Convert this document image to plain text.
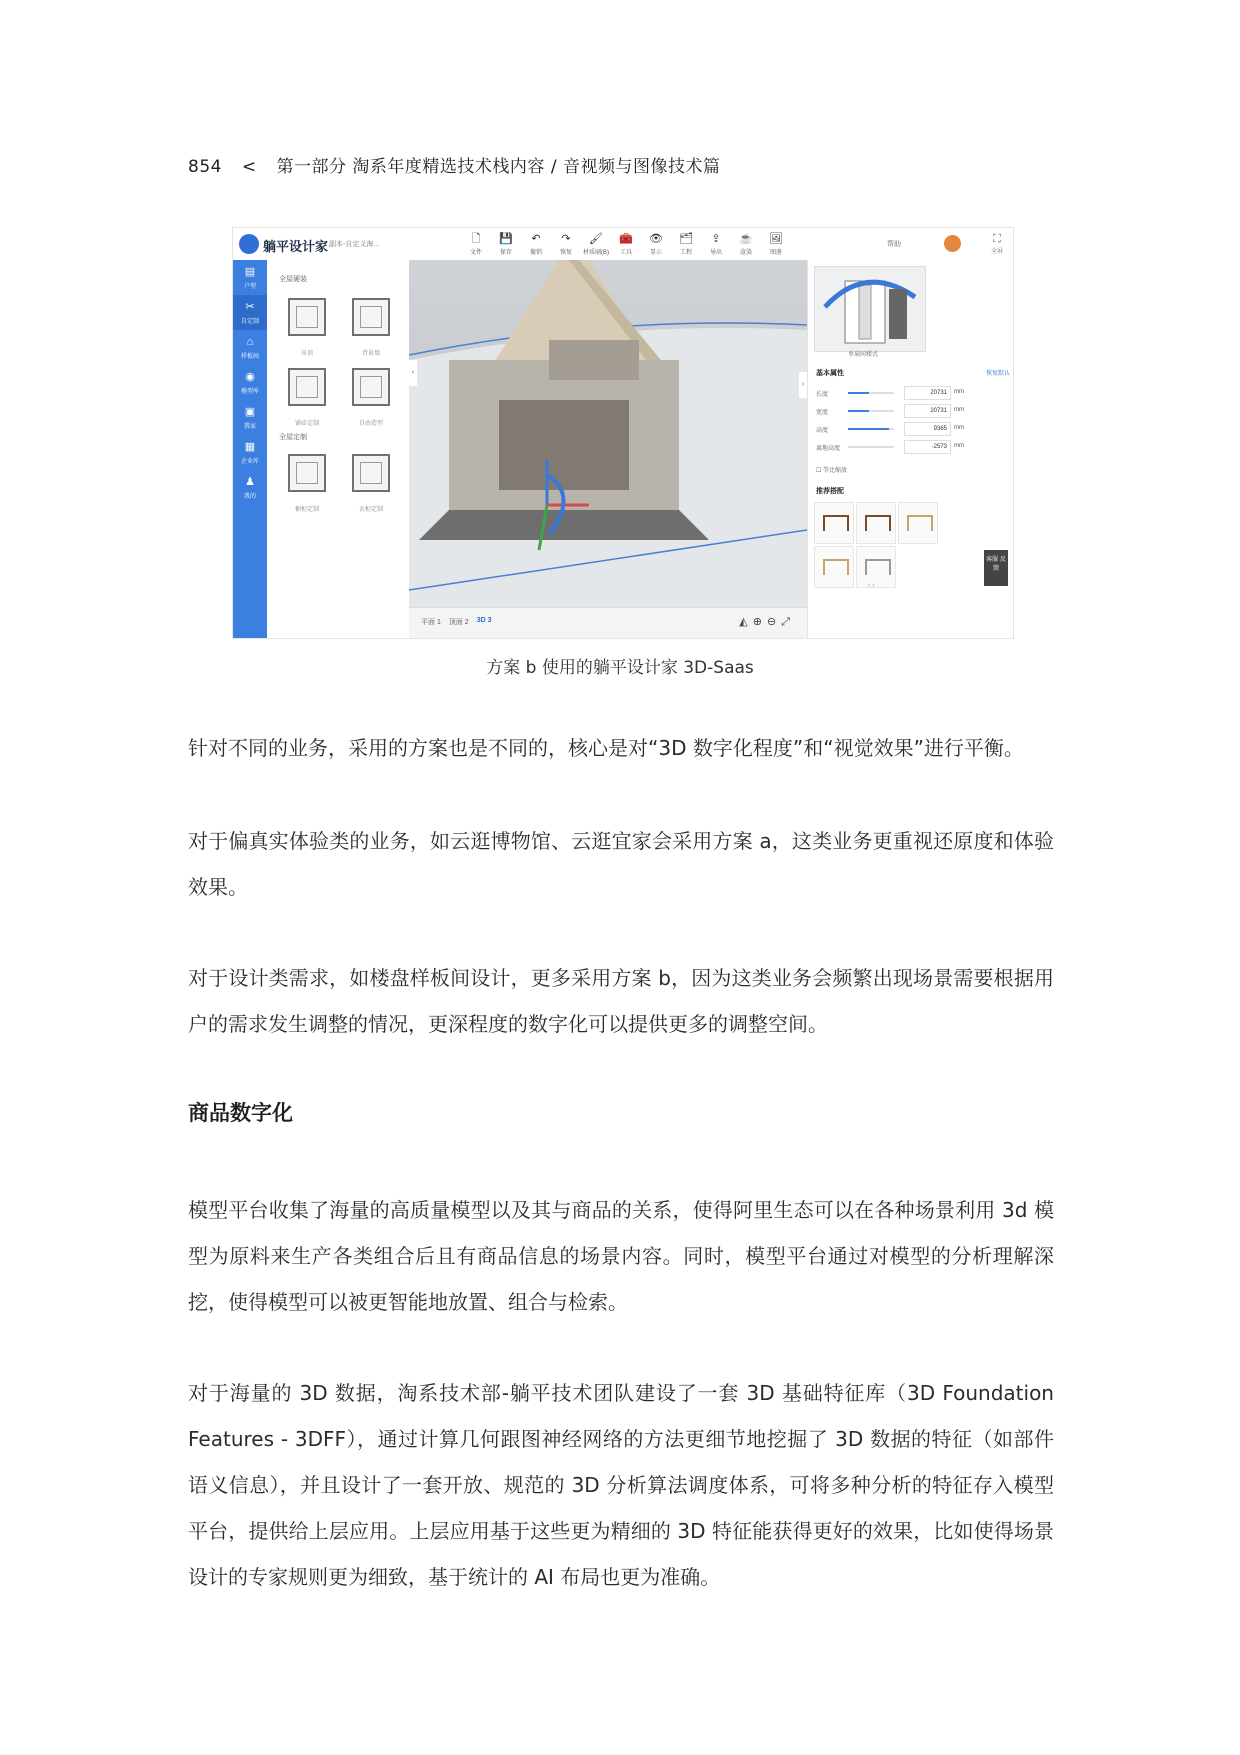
854 < 第一部分 淘系年度精选技术栈内容 / 音视频与图像技术篇
躺平设计家 副本-自定义海...	🗋
文件
💾
保存
↶
撤销
↷
恢复
🖌
材质刷(B)
🧰
工具
👁
显示
🗂
工程
⇪
导出
☕
渲染
🖼
图册
帮助	⛶
全屏
▤
户型
✂
自定制
⌂
样板间
◉
模型库
▣
我家
▦
企业库
♟
我的
全屋硬装
吊顶	背景墙
铺砖定制	自由造型
全屋定制
橱柜定制	衣柜定制
‹
›
平面 1 顶面 2 3D 3	◭⊕⊖⤢
单扇间楼式
基本属性	恢复默认
长度	20731	mm
宽度	20731	mm
高度	9365	mm
离地高度	-2573	mm
☐ 等比缩放
推荐搭配
‹ ›
客服 反馈
方案 b 使用的躺平设计家 3D-Saas

针对不同的业务，采用的方案也是不同的，核心是对“3D 数字化程度”和“视觉效果”进行平衡。

对于偏真实体验类的业务，如云逛博物馆、云逛宜家会采用方案 a，这类业务更重视还原度和体验效果。

对于设计类需求，如楼盘样板间设计，更多采用方案 b，因为这类业务会频繁出现场景需要根据用户的需求发生调整的情况，更深程度的数字化可以提供更多的调整空间。

商品数字化

模型平台收集了海量的高质量模型以及其与商品的关系，使得阿里生态可以在各种场景利用 3d 模型为原料来生产各类组合后且有商品信息的场景内容。同时，模型平台通过对模型的分析理解深挖，使得模型可以被更智能地放置、组合与检索。

对于海量的 3D 数据，淘系技术部-躺平技术团队建设了一套 3D 基础特征库（3D Foundation Features - 3DFF），通过计算几何跟图神经网络的方法更细节地挖掘了 3D 数据的特征（如部件语义信息），并且设计了一套开放、规范的 3D 分析算法调度体系，可将多种分析的特征存入模型平台，提供给上层应用。上层应用基于这些更为精细的 3D 特征能获得更好的效果，比如使得场景设计的专家规则更为细致，基于统计的 AI 布局也更为准确。
